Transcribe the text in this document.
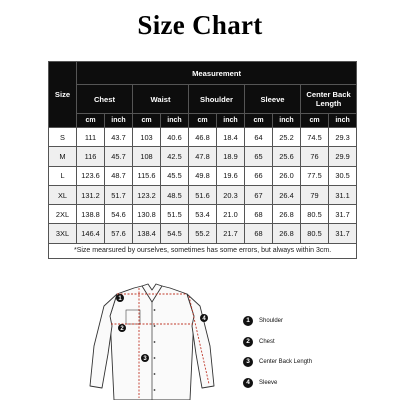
Size Chart
Size	Measurement									
	Chest		Waist		Shoulder		Sleeve		Center Back Length	
	cm	inch	cm	inch	cm	inch	cm	inch	cm	inch
S	111	43.7	103	40.6	46.8	18.4	64	25.2	74.5	29.3
M	116	45.7	108	42.5	47.8	18.9	65	25.6	76	29.9
L	123.6	48.7	115.6	45.5	49.8	19.6	66	26.0	77.5	30.5
XL	131.2	51.7	123.2	48.5	51.6	20.3	67	26.4	79	31.1
2XL	138.8	54.6	130.8	51.5	53.4	21.0	68	26.8	80.5	31.7
3XL	146.4	57.6	138.4	54.5	55.2	21.7	68	26.8	80.5	31.7
*Size mearsured by ourselves, sometimes has some errors, but always within 3cm.										
1
2
3
4	1	Shoulder
2	Chest
3	Center Back Length
4	Sleeve
